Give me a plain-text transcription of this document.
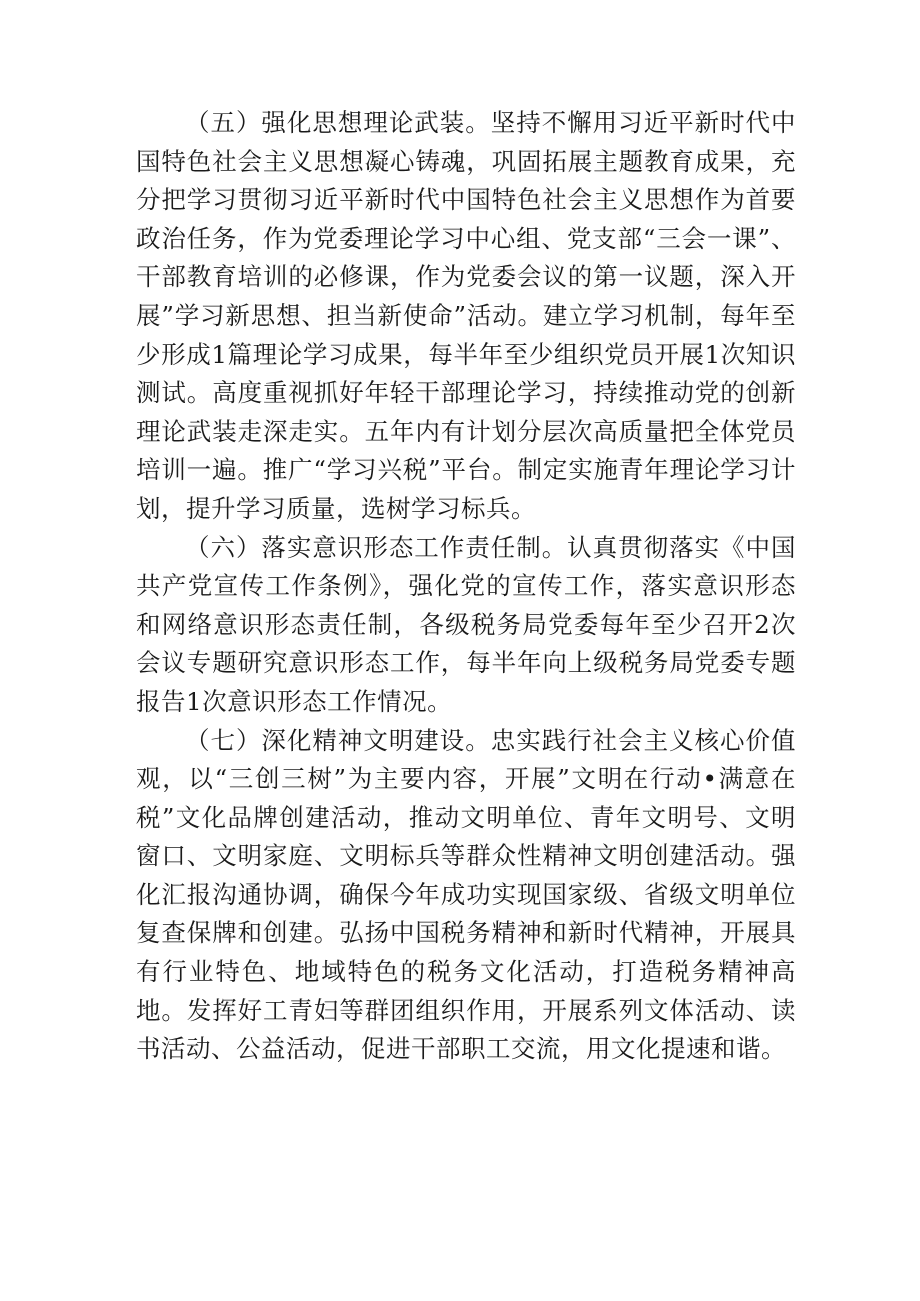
（五）强化思想理论武装。坚持不懈用习近平新时代中国特色社会主义思想凝心铸魂，巩固拓展主题教育成果，充分把学习贯彻习近平新时代中国特色社会主义思想作为首要政治任务，作为党委理论学习中心组、党支部“三会一课”、干部教育培训的必修课，作为党委会议的第一议题，深入开展”学习新思想、担当新使命”活动。建立学习机制，每年至少形成1篇理论学习成果，每半年至少组织党员开展1次知识测试。高度重视抓好年轻干部理论学习，持续推动党的创新理论武装走深走实。五年内有计划分层次高质量把全体党员培训一遍。推广“学习兴税”平台。制定实施青年理论学习计划，提升学习质量，选树学习标兵。

（六）落实意识形态工作责任制。认真贯彻落实《中国共产党宣传工作条例》，强化党的宣传工作，落实意识形态和网络意识形态责任制，各级税务局党委每年至少召开2次会议专题研究意识形态工作，每半年向上级税务局党委专题报告1次意识形态工作情况。

（七）深化精神文明建设。忠实践行社会主义核心价值观，以“三创三树”为主要内容，开展”文明在行动•满意在税”文化品牌创建活动，推动文明单位、青年文明号、文明窗口、文明家庭、文明标兵等群众性精神文明创建活动。强化汇报沟通协调，确保今年成功实现国家级、省级文明单位复查保牌和创建。弘扬中国税务精神和新时代精神，开展具有行业特色、地域特色的税务文化活动，打造税务精神高地。发挥好工青妇等群团组织作用，开展系列文体活动、读书活动、公益活动，促进干部职工交流，用文化提速和谐。
